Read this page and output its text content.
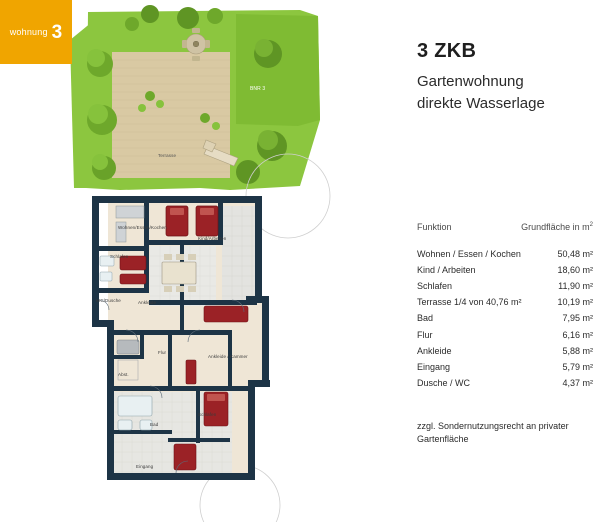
wohnung 3
BNR 3
Terrasse
Wohnen/Essen/Kochen
Kind/Arbeiten
Schlafen
WC/Dusche	Ankleide
Flur
Ankleide / Kammer
Abst.
Bad
Schlafen
Eingang
3 ZKB
Gartenwohnung
direkte Wasserlage
Funktion	Grundfläche in $m^2$
Wohnen / Essen / Kochen	50,48 m²
Kind / Arbeiten	18,60 m²
Schlafen	11,90 m²
Terrasse 1/4 von 40,76 m²	10,19 m²
Bad	7,95 m²
Flur	6,16 m²
Ankleide	5,88 m²
Eingang	5,79 m²
Dusche / WC	4,37 m²
zzgl. Sondernutzungsrecht an privater Gartenfläche
